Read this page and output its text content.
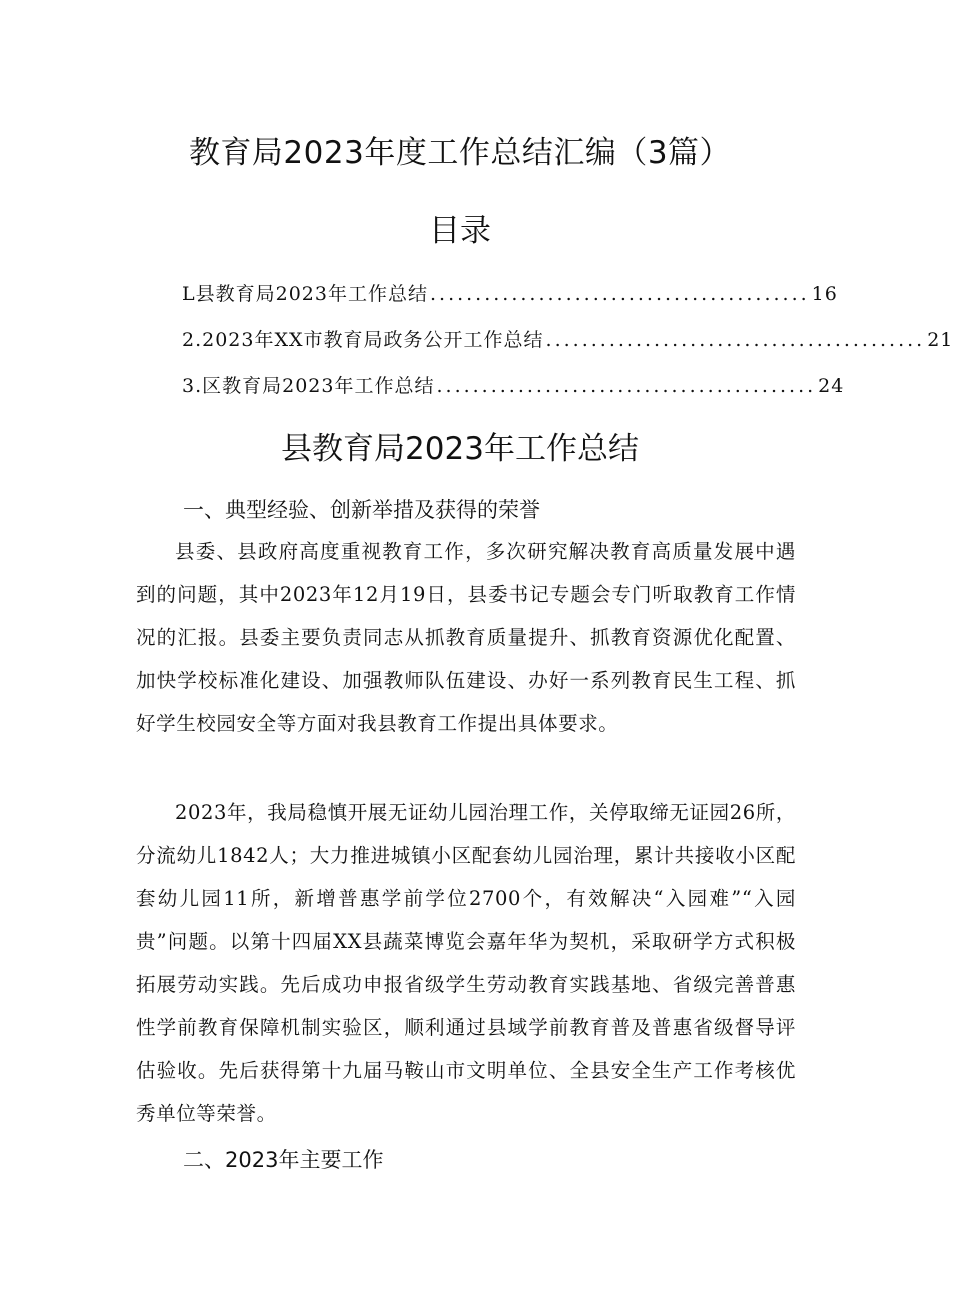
教育局2023年度工作总结汇编（3篇）
目录
L县教育局2023年工作总结 .......................................... 16
2.2023年XX市教育局政务公开工作总结 .......................................... 21
3.区教育局2023年工作总结 .......................................... 24
县教育局2023年工作总结
一、典型经验、创新举措及获得的荣誉

县委、县政府高度重视教育工作，多次研究解决教育高质量发展中遇到的问题，其中2023年12月19日，县委书记专题会专门听取教育工作情况的汇报。县委主要负责同志从抓教育质量提升、抓教育资源优化配置、加快学校标准化建设、加强教师队伍建设、办好一系列教育民生工程、抓好学生校园安全等方面对我县教育工作提出具体要求。

2023年，我局稳慎开展无证幼儿园治理工作，关停取缔无证园26所，分流幼儿1842人；大力推进城镇小区配套幼儿园治理，累计共接收小区配套幼儿园11所，新增普惠学前学位2700个，有效解决“入园难”“入园贵”问题。以第十四届XX县蔬菜博览会嘉年华为契机，采取研学方式积极拓展劳动实践。先后成功申报省级学生劳动教育实践基地、省级完善普惠性学前教育保障机制实验区，顺利通过县域学前教育普及普惠省级督导评估验收。先后获得第十九届马鞍山市文明单位、全县安全生产工作考核优秀单位等荣誉。

二、2023年主要工作
